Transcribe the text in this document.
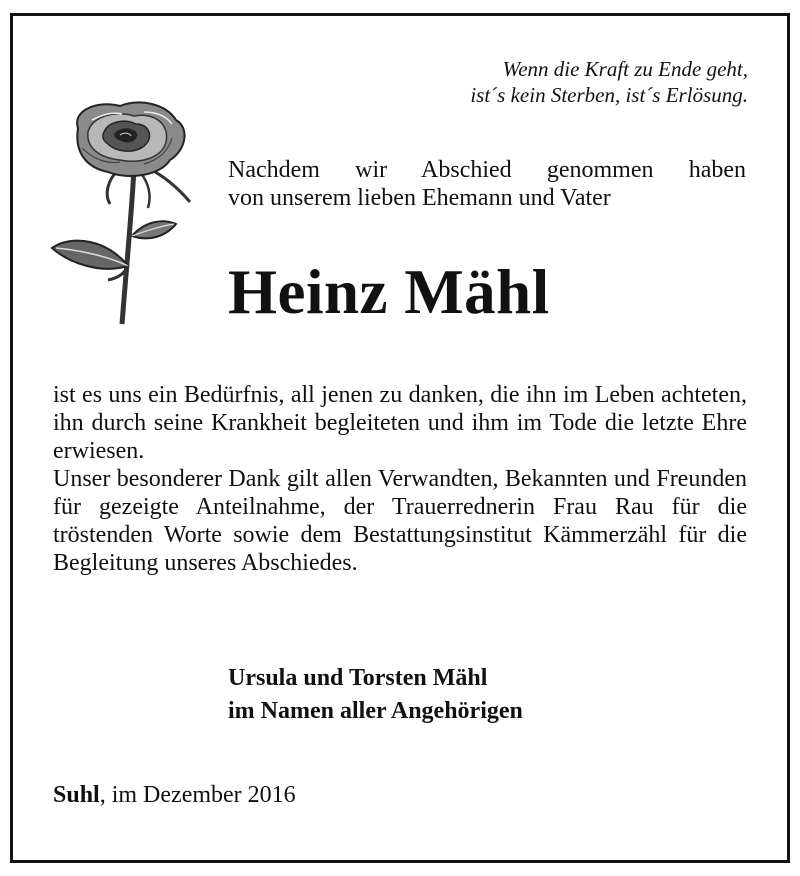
Wenn die Kraft zu Ende geht,
ist´s kein Sterben, ist´s Erlösung.
Nachdem wir Abschied genommen haben
von unserem lieben Ehemann und Vater
Heinz Mähl

ist es uns ein Bedürfnis, all jenen zu danken, die ihn im Leben achteten, ihn durch seine Krankheit begleiteten und ihm im Tode die letzte Ehre erwiesen.

Unser besonderer Dank gilt allen Verwandten, Bekannten und Freunden für gezeigte Anteilnahme, der Trauerrednerin Frau Rau für die tröstenden Worte sowie dem Bestattungsinstitut Kämmerzähl für die Begleitung unseres Abschiedes.

Ursula und Torsten Mähl
im Namen aller Angehörigen
Suhl, im Dezember 2016
